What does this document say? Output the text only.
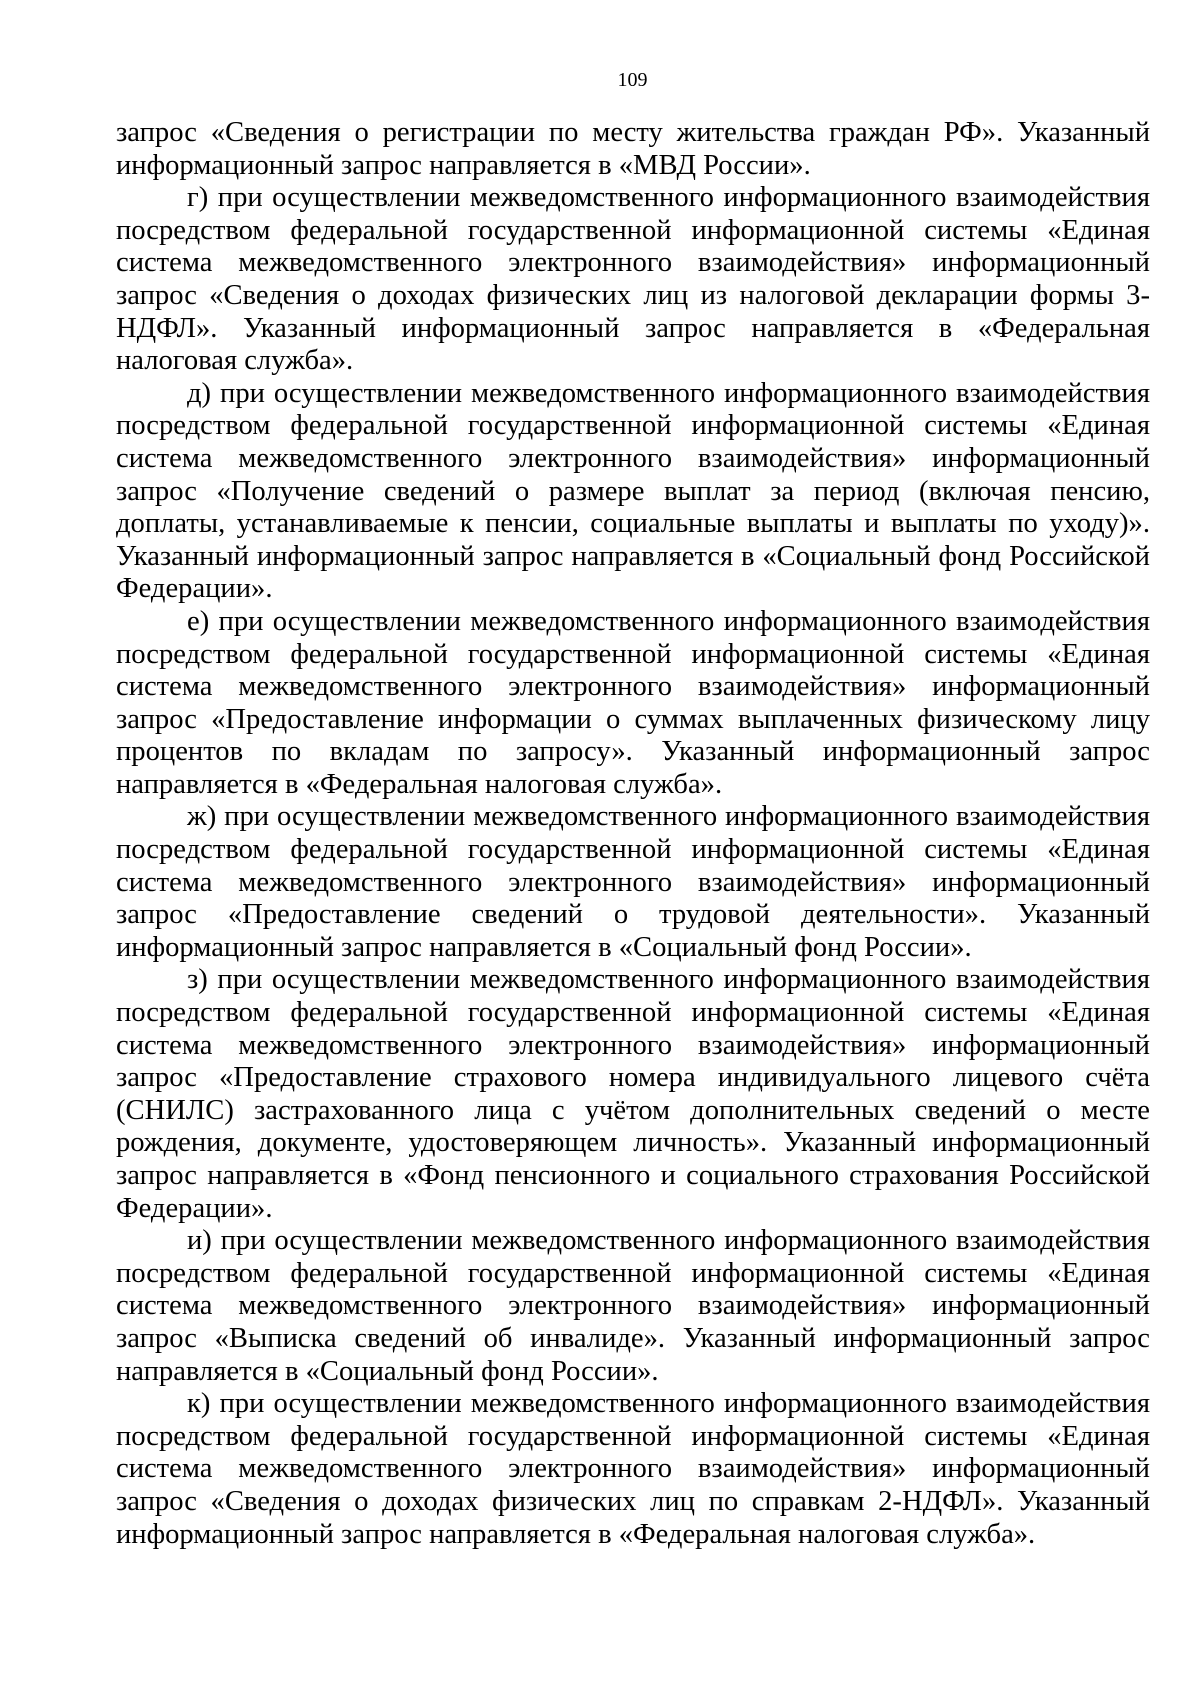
109

запрос «Сведения о регистрации по месту жительства граждан РФ». Указанный информационный запрос направляется в «МВД России».

г) при осуществлении межведомственного информационного взаимодействия посредством федеральной государственной информационной системы «Единая система межведомственного электронного взаимодействия» информационный запрос «Сведения о доходах физических лиц из налоговой декларации формы 3-НДФЛ». Указанный информационный запрос направляется в «Федеральная налоговая служба».

д) при осуществлении межведомственного информационного взаимодействия посредством федеральной государственной информационной системы «Единая система межведомственного электронного взаимодействия» информационный запрос «Получение сведений о размере выплат за период (включая пенсию, доплаты, устанавливаемые к пенсии, социальные выплаты и выплаты по уходу)». Указанный информационный запрос направляется в «Социальный фонд Российской Федерации».

е) при осуществлении межведомственного информационного взаимодействия посредством федеральной государственной информационной системы «Единая система межведомственного электронного взаимодействия» информационный запрос «Предоставление информации о суммах выплаченных физическому лицу процентов по вкладам по запросу». Указанный информационный запрос направляется в «Федеральная налоговая служба».

ж) при осуществлении межведомственного информационного взаимодействия посредством федеральной государственной информационной системы «Единая система межведомственного электронного взаимодействия» информационный запрос «Предоставление сведений о трудовой деятельности». Указанный информационный запрос направляется в «Социальный фонд России».

з) при осуществлении межведомственного информационного взаимодействия посредством федеральной государственной информационной системы «Единая система межведомственного электронного взаимодействия» информационный запрос «Предоставление страхового номера индивидуального лицевого счёта (СНИЛС) застрахованного лица с учётом дополнительных сведений о месте рождения, документе, удостоверяющем личность». Указанный информационный запрос направляется в «Фонд пенсионного и социального страхования Российской Федерации».

и) при осуществлении межведомственного информационного взаимодействия посредством федеральной государственной информационной системы «Единая система межведомственного электронного взаимодействия» информационный запрос «Выписка сведений об инвалиде». Указанный информационный запрос направляется в «Социальный фонд России».

к) при осуществлении межведомственного информационного взаимодействия посредством федеральной государственной информационной системы «Единая система межведомственного электронного взаимодействия» информационный запрос «Сведения о доходах физических лиц по справкам 2-НДФЛ». Указанный информационный запрос направляется в «Федеральная налоговая служба».
